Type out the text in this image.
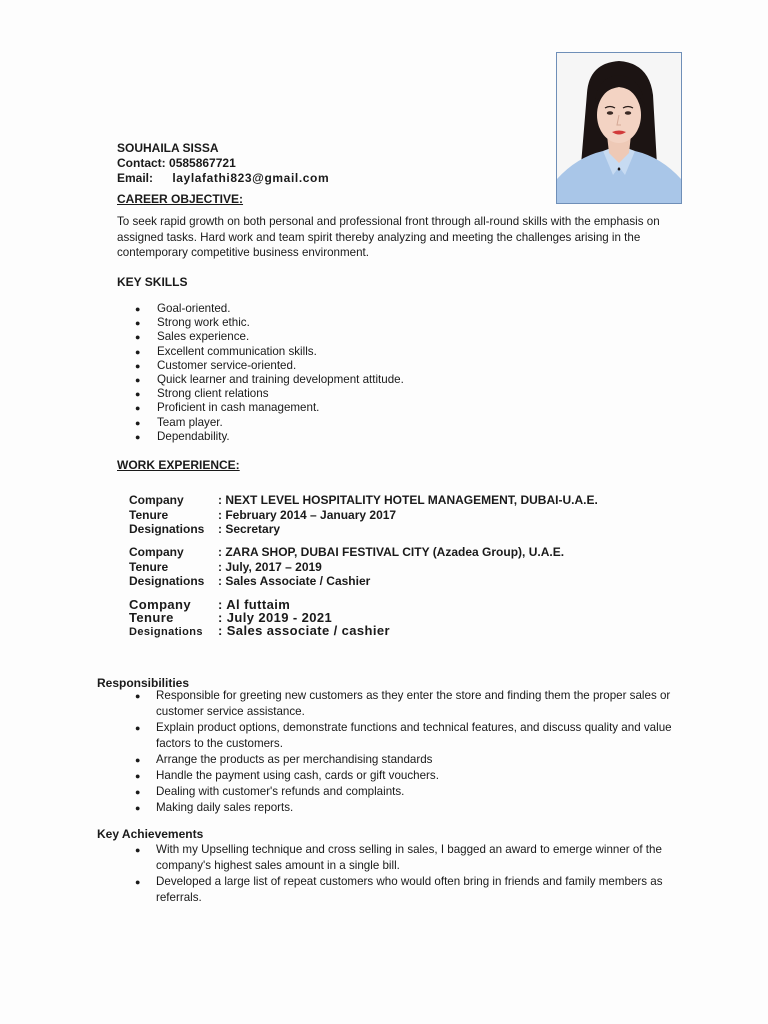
SOUHAILA SISSA
Contact: 0585867721
Email: laylafathi823@gmail.com
CAREER OBJECTIVE:
To seek rapid growth on both personal and professional front through all-round skills with the emphasis on assigned tasks. Hard work and team spirit thereby analyzing and meeting the challenges arising in the contemporary competitive business environment.
KEY SKILLS
● Goal-oriented.
● Strong work ethic.
● Sales experience.
● Excellent communication skills.
● Customer service-oriented.
● Quick learner and training development attitude.
● Strong client relations
● Proficient in cash management.
● Team player.
● Dependability.
WORK EXPERIENCE:
Company	: NEXT LEVEL HOSPITALITY HOTEL MANAGEMENT, DUBAI-U.A.E.
Tenure	: February 2014 – January 2017
Designations : Secretary
Company	: ZARA SHOP, DUBAI FESTIVAL CITY (Azadea Group), U.A.E.
Tenure	: July, 2017 – 2019
Designations : Sales Associate / Cashier
Company : Al futtaim
Tenure	: July 2019 - 2021
Designations : Sales associate / cashier
Responsibilities
●	Responsible for greeting new customers as they enter the store and finding them the proper sales or customer service assistance.
●	Explain product options, demonstrate functions and technical features, and discuss quality and value factors to the customers.
●	Arrange the products as per merchandising standards
●	Handle the payment using cash, cards or gift vouchers.
●	Dealing with customer's refunds and complaints.
●	Making daily sales reports.
Key Achievements
●	With my Upselling technique and cross selling in sales, I bagged an award to emerge winner of the company's highest sales amount in a single bill.
●	Developed a large list of repeat customers who would often bring in friends and family members as referrals.
